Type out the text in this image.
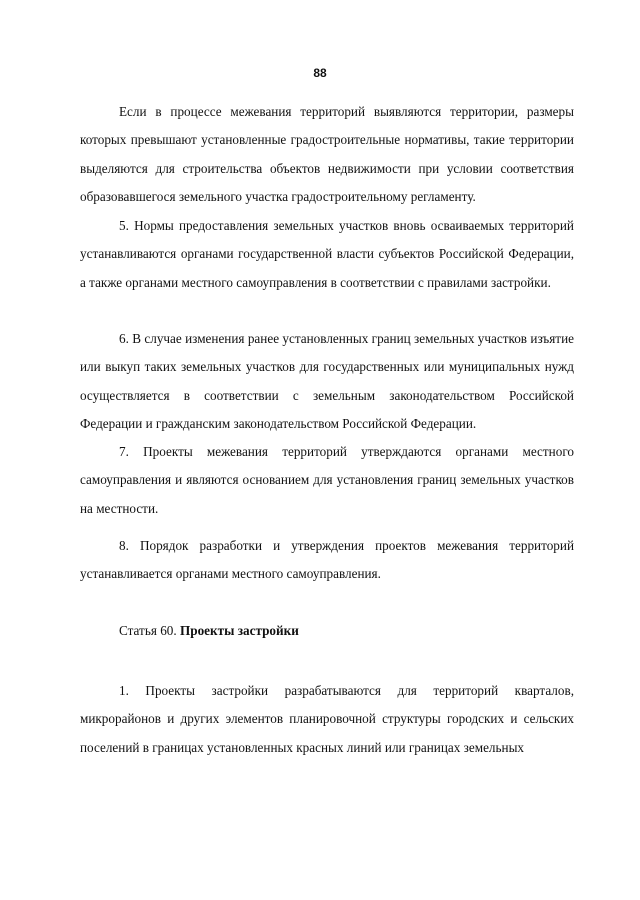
88

Если в процессе межевания территорий выявляются территории, размеры которых превышают установленные градостроительные нормативы, такие территории выделяются для строительства объектов недвижимости при условии соответствия образовавшегося земельного участка градостроительному регламенту.

5. Нормы предоставления земельных участков вновь осваиваемых территорий устанавливаются органами государственной власти субъектов Российской Федерации, а также органами местного самоуправления в соответствии с правилами застройки.

6. В случае изменения ранее установленных границ земельных участков изъятие или выкуп таких земельных участков для государственных или муниципальных нужд осуществляется в соответствии с земельным законодательством Российской Федерации и гражданским законодательством Российской Федерации.

7. Проекты межевания территорий утверждаются органами местного самоуправления и являются основанием для установления границ земельных участков на местности.

8. Порядок разработки и утверждения проектов межевания территорий устанавливается органами местного самоуправления.

Статья 60. Проекты застройки

1. Проекты застройки разрабатываются для территорий кварталов, микрорайонов и других элементов планировочной структуры городских и сельских поселений в границах установленных красных линий или границах земельных
